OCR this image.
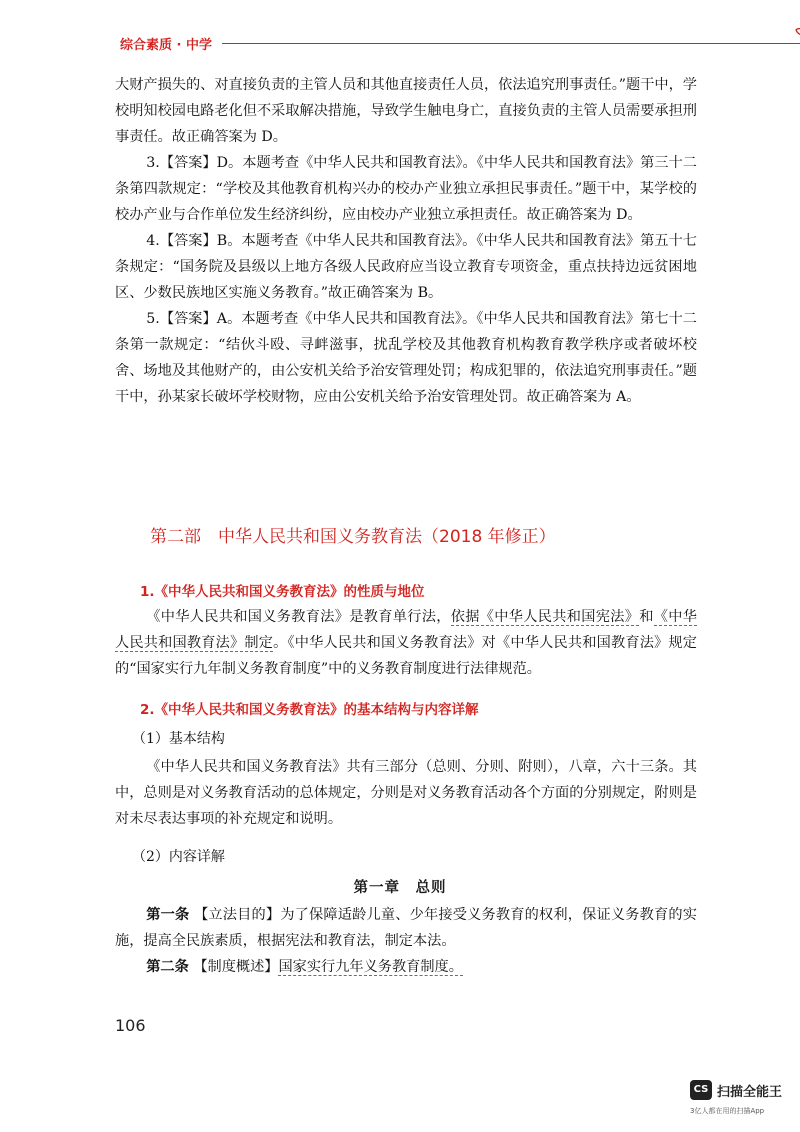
综合素质 · 中学

大财产损失的、对直接负责的主管人员和其他直接责任人员，依法追究刑事责任。”题干中，学校明知校园电路老化但不采取解决措施，导致学生触电身亡，直接负责的主管人员需要承担刑事责任。故正确答案为 D。

3.【答案】D。本题考查《中华人民共和国教育法》。《中华人民共和国教育法》第三十二条第四款规定：“学校及其他教育机构兴办的校办产业独立承担民事责任。”题干中，某学校的校办产业与合作单位发生经济纠纷，应由校办产业独立承担责任。故正确答案为 D。

4.【答案】B。本题考查《中华人民共和国教育法》。《中华人民共和国教育法》第五十七条规定：“国务院及县级以上地方各级人民政府应当设立教育专项资金，重点扶持边远贫困地区、少数民族地区实施义务教育。”故正确答案为 B。

5.【答案】A。本题考查《中华人民共和国教育法》。《中华人民共和国教育法》第七十二条第一款规定：“结伙斗殴、寻衅滋事，扰乱学校及其他教育机构教育教学秩序或者破坏校舍、场地及其他财产的，由公安机关给予治安管理处罚；构成犯罪的，依法追究刑事责任。”题干中，孙某家长破坏学校财物，应由公安机关给予治安管理处罚。故正确答案为 A。

第二部　中华人民共和国义务教育法（2018 年修正）
1.《中华人民共和国义务教育法》的性质与地位

《中华人民共和国义务教育法》是教育单行法，依据《中华人民共和国宪法》和《中华人民共和国教育法》制定。《中华人民共和国义务教育法》对《中华人民共和国教育法》规定的“国家实行九年制义务教育制度”中的义务教育制度进行法律规范。

2.《中华人民共和国义务教育法》的基本结构与内容详解
（1）基本结构

《中华人民共和国义务教育法》共有三部分（总则、分则、附则），八章，六十三条。其中，总则是对义务教育活动的总体规定，分则是对义务教育活动各个方面的分别规定，附则是对未尽表达事项的补充规定和说明。

（2）内容详解
第一章　总则

第一条 【立法目的】为了保障适龄儿童、少年接受义务教育的权利，保证义务教育的实施，提高全民族素质，根据宪法和教育法，制定本法。

第二条 【制度概述】国家实行九年义务教育制度。

106
CS 扫描全能王
3亿人都在用的扫描App
